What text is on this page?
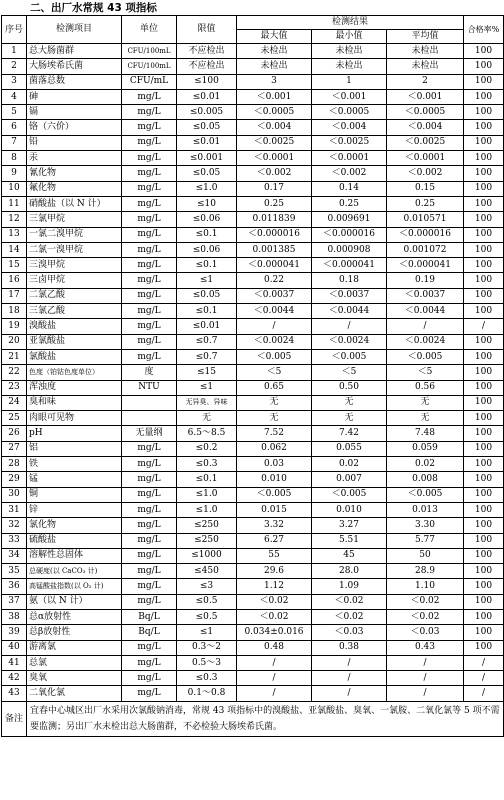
二、出厂水常规 43 项指标
序号	检测项目	单位	限值	检测结果			合格率%
				最大值	最小值	平均值	
1	总大肠菌群	CFU/100mL	不应检出	未检出	未检出	未检出	100
2	大肠埃希氏菌	CFU/100mL	不应检出	未检出	未检出	未检出	100
3	菌落总数	CFU/mL	≤100	3	1	2	100
4	砷	mg/L	≤0.01	＜0.001	＜0.001	＜0.001	100
5	镉	mg/L	≤0.005	＜0.0005	＜0.0005	＜0.0005	100
6	铬（六价）	mg/L	≤0.05	＜0.004	＜0.004	＜0.004	100
7	铅	mg/L	≤0.01	＜0.0025	＜0.0025	＜0.0025	100
8	汞	mg/L	≤0.001	＜0.0001	＜0.0001	＜0.0001	100
9	氰化物	mg/L	≤0.05	＜0.002	＜0.002	＜0.002	100
10	氟化物	mg/L	≤1.0	0.17	0.14	0.15	100
11	硝酸盐（以 N 计）	mg/L	≤10	0.25	0.25	0.25	100
12	三氯甲烷	mg/L	≤0.06	0.011839	0.009691	0.010571	100
13	一氯二溴甲烷	mg/L	≤0.1	＜0.000016	＜0.000016	＜0.000016	100
14	二氯一溴甲烷	mg/L	≤0.06	0.001385	0.000908	0.001072	100
15	三溴甲烷	mg/L	≤0.1	＜0.000041	＜0.000041	＜0.000041	100
16	三卤甲烷	mg/L	≤1	0.22	0.18	0.19	100
17	二氯乙酸	mg/L	≤0.05	＜0.0037	＜0.0037	＜0.0037	100
18	三氯乙酸	mg/L	≤0.1	＜0.0044	＜0.0044	＜0.0044	100
19	溴酸盐	mg/L	≤0.01	/	/	/	/
20	亚氯酸盐	mg/L	≤0.7	＜0.0024	＜0.0024	＜0.0024	100
21	氯酸盐	mg/L	≤0.7	＜0.005	＜0.005	＜0.005	100
22	色度（铂钴色度单位）	度	≤15	＜5	＜5	＜5	100
23	浑浊度	NTU	≤1	0.65	0.50	0.56	100
24	臭和味		无异臭、异味	无	无	无	100
25	肉眼可见物		无	无	无	无	100
26	pH	无量纲	6.5～8.5	7.52	7.42	7.48	100
27	铝	mg/L	≤0.2	0.062	0.055	0.059	100
28	铁	mg/L	≤0.3	0.03	0.02	0.02	100
29	锰	mg/L	≤0.1	0.010	0.007	0.008	100
30	铜	mg/L	≤1.0	＜0.005	＜0.005	＜0.005	100
31	锌	mg/L	≤1.0	0.015	0.010	0.013	100
32	氯化物	mg/L	≤250	3.32	3.27	3.30	100
33	硫酸盐	mg/L	≤250	6.27	5.51	5.77	100
34	溶解性总固体	mg/L	≤1000	55	45	50	100
35	总硬度(以 CaCO₃ 计)	mg/L	≤450	29.6	28.0	28.9	100
36	高锰酸盐指数(以 O₂ 计)	mg/L	≤3	1.12	1.09	1.10	100
37	氨（以 N 计）	mg/L	≤0.5	＜0.02	＜0.02	＜0.02	100
38	总α放射性	Bq/L	≤0.5	＜0.02	＜0.02	＜0.02	100
39	总β放射性	Bq/L	≤1	0.034±0.016	＜0.03	＜0.03	100
40	游离氯	mg/L	0.3～2	0.48	0.38	0.43	100
41	总氯	mg/L	0.5～3	/	/	/	/
42	臭氧	mg/L	≤0.3	/	/	/	/
43	二氧化氯	mg/L	0.1～0.8	/	/	/	/
备注	宜春中心城区出厂水采用次氯酸钠消毒，常规 43 项指标中的溴酸盐、亚氯酸盐、臭氧、一氯胺、二氧化氯等 5 项不需要监测；另出厂水未检出总大肠菌群，不必检验大肠埃希氏菌。						
